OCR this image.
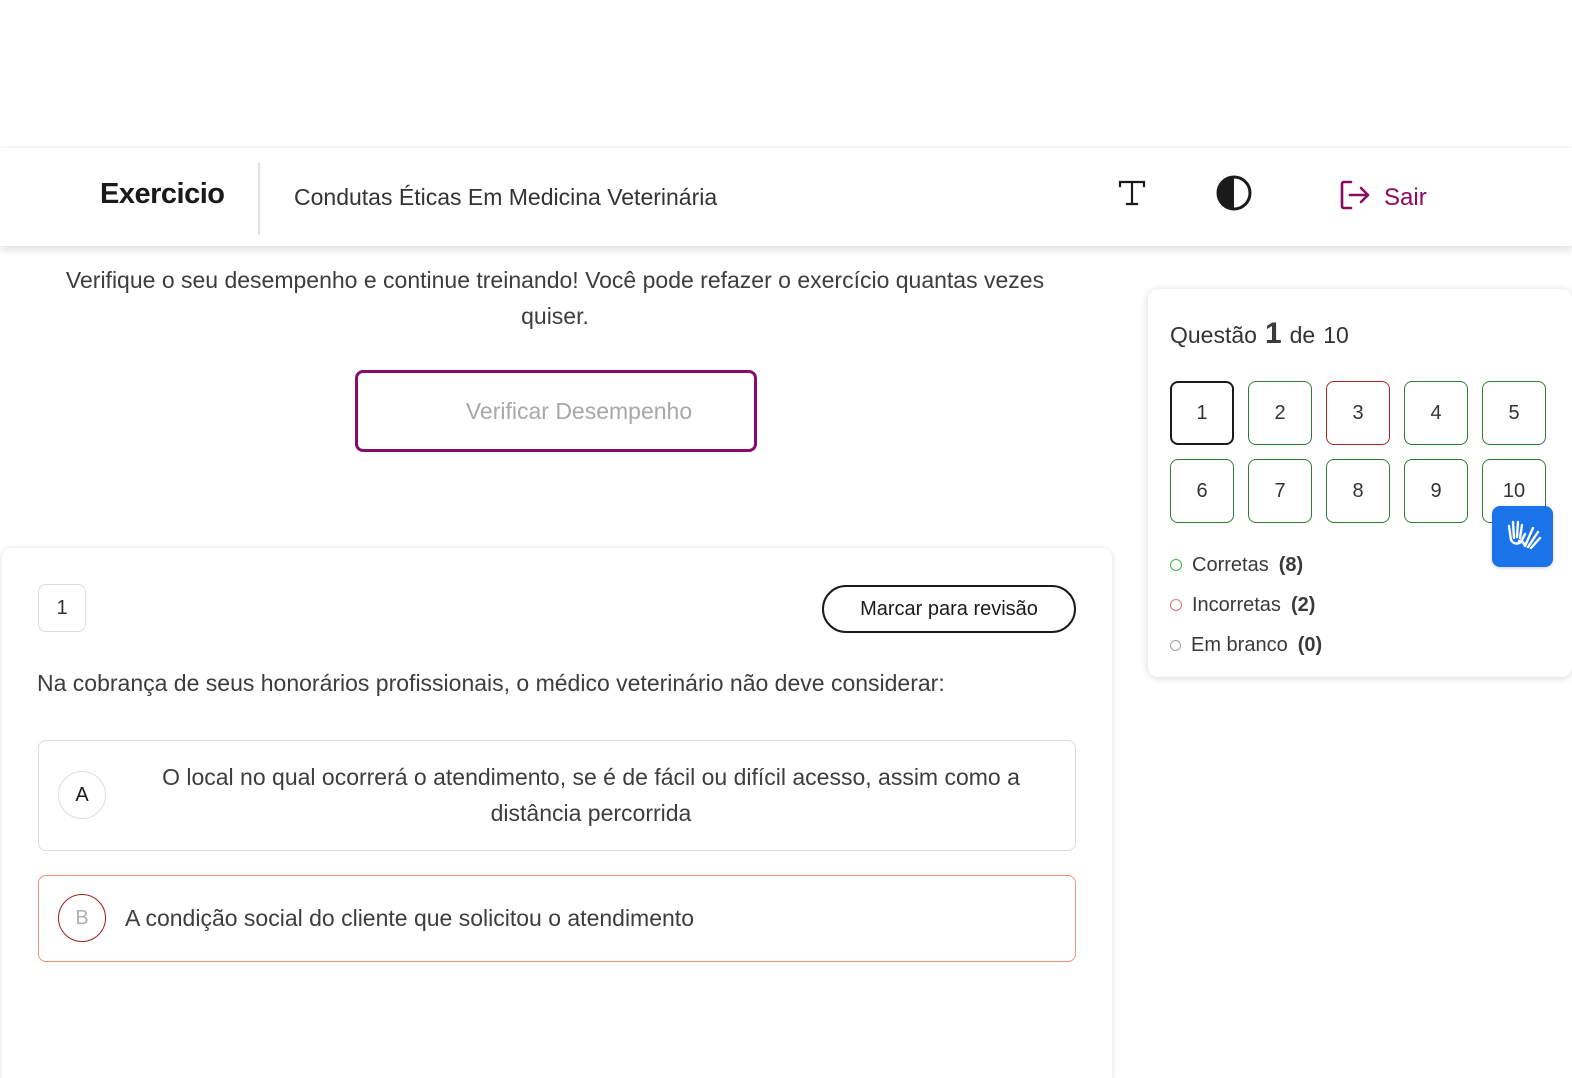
Exercicio	Condutas Éticas Em Medicina Veterinária	Sair
Verifique o seu desempenho e continue treinando! Você pode refazer o exercício quantas vezes quiser.
Verificar Desempenho
1	Marcar para revisão
Na cobrança de seus honorários profissionais, o médico veterinário não deve considerar:
A
O local no qual ocorrerá o atendimento, se é de fácil ou difícil acesso, assim como a distância percorrida
B	A condição social do cliente que solicitou o atendimento
Questão 1 de 10
1	2	3	4	5
6	7	8	9	10
Corretas (8)
Incorretas (2)
Em branco (0)
